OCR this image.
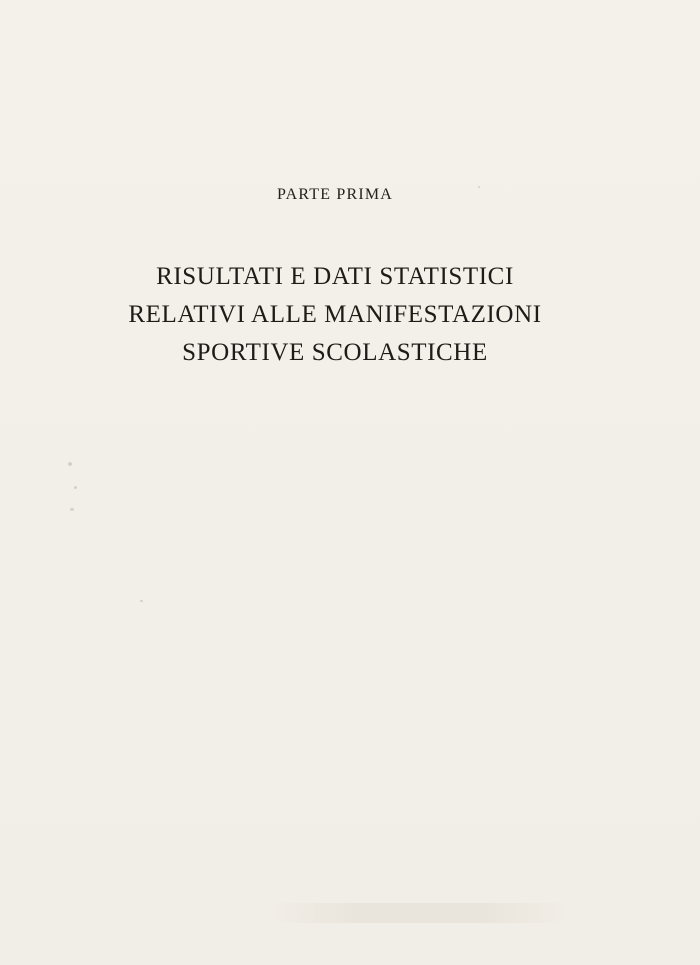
PARTE PRIMA
RISULTATI E DATI STATISTICI
RELATIVI ALLE MANIFESTAZIONI
SPORTIVE SCOLASTICHE
